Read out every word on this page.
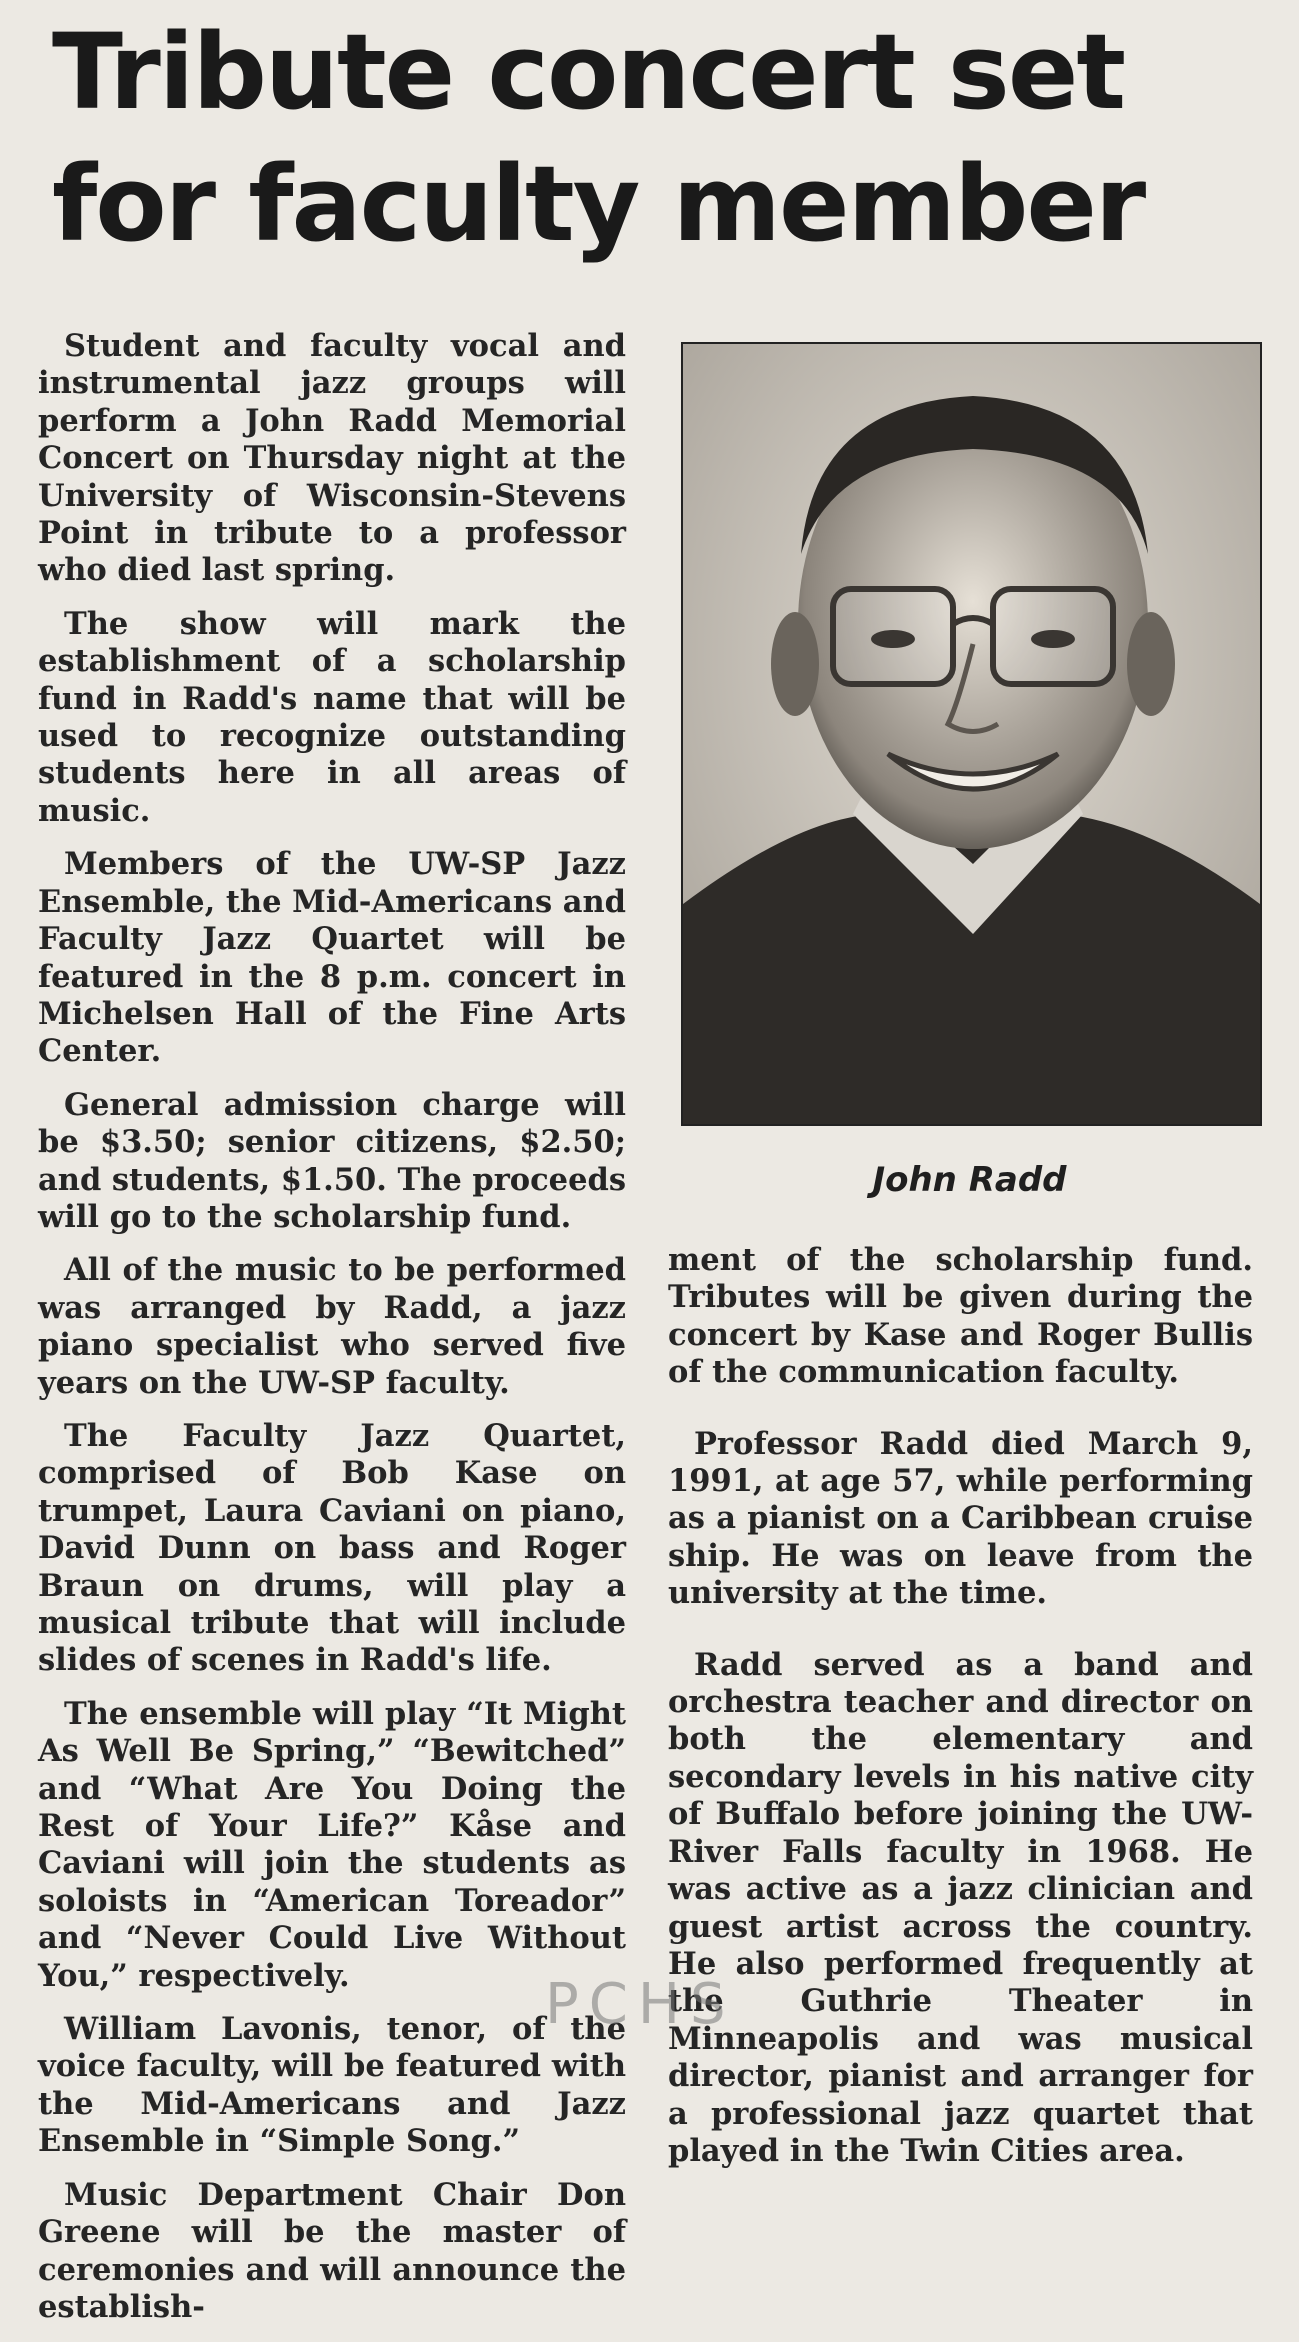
Tribute concert set for faculty member

Student and faculty vocal and instrumental jazz groups will perform a John Radd Memorial Concert on Thursday night at the University of Wisconsin-Stevens Point in tribute to a professor who died last spring.

The show will mark the establishment of a scholarship fund in Radd's name that will be used to recognize outstanding students here in all areas of music.

Members of the UW-SP Jazz Ensemble, the Mid-Americans and Faculty Jazz Quartet will be featured in the 8 p.m. concert in Michelsen Hall of the Fine Arts Center.

General admission charge will be $3.50; senior citizens, $2.50; and students, $1.50. The proceeds will go to the scholarship fund.

All of the music to be performed was arranged by Radd, a jazz piano specialist who served five years on the UW-SP faculty.

The Faculty Jazz Quartet, comprised of Bob Kase on trumpet, Laura Caviani on piano, David Dunn on bass and Roger Braun on drums, will play a musical tribute that will include slides of scenes in Radd's life.

The ensemble will play “It Might As Well Be Spring,” “Bewitched” and “What Are You Doing the Rest of Your Life?” Kåse and Caviani will join the students as soloists in “American Toreador” and “Never Could Live Without You,” respectively.

William Lavonis, tenor, of the voice faculty, will be featured with the Mid-Americans and Jazz Ensemble in “Simple Song.”

Music Department Chair Don Greene will be the master of ceremonies and will announce the establish-

John Radd

ment of the scholarship fund. Tributes will be given during the concert by Kase and Roger Bullis of the communication faculty.

Professor Radd died March 9, 1991, at age 57, while performing as a pianist on a Caribbean cruise ship. He was on leave from the university at the time.

Radd served as a band and orchestra teacher and director on both the elementary and secondary levels in his native city of Buffalo before joining the UW- River Falls faculty in 1968. He was active as a jazz clinician and guest artist across the country. He also performed frequently at the Guthrie Theater in Minneapolis and was musical director, pianist and arranger for a professional jazz quartet that played in the Twin Cities area.

PCHS
